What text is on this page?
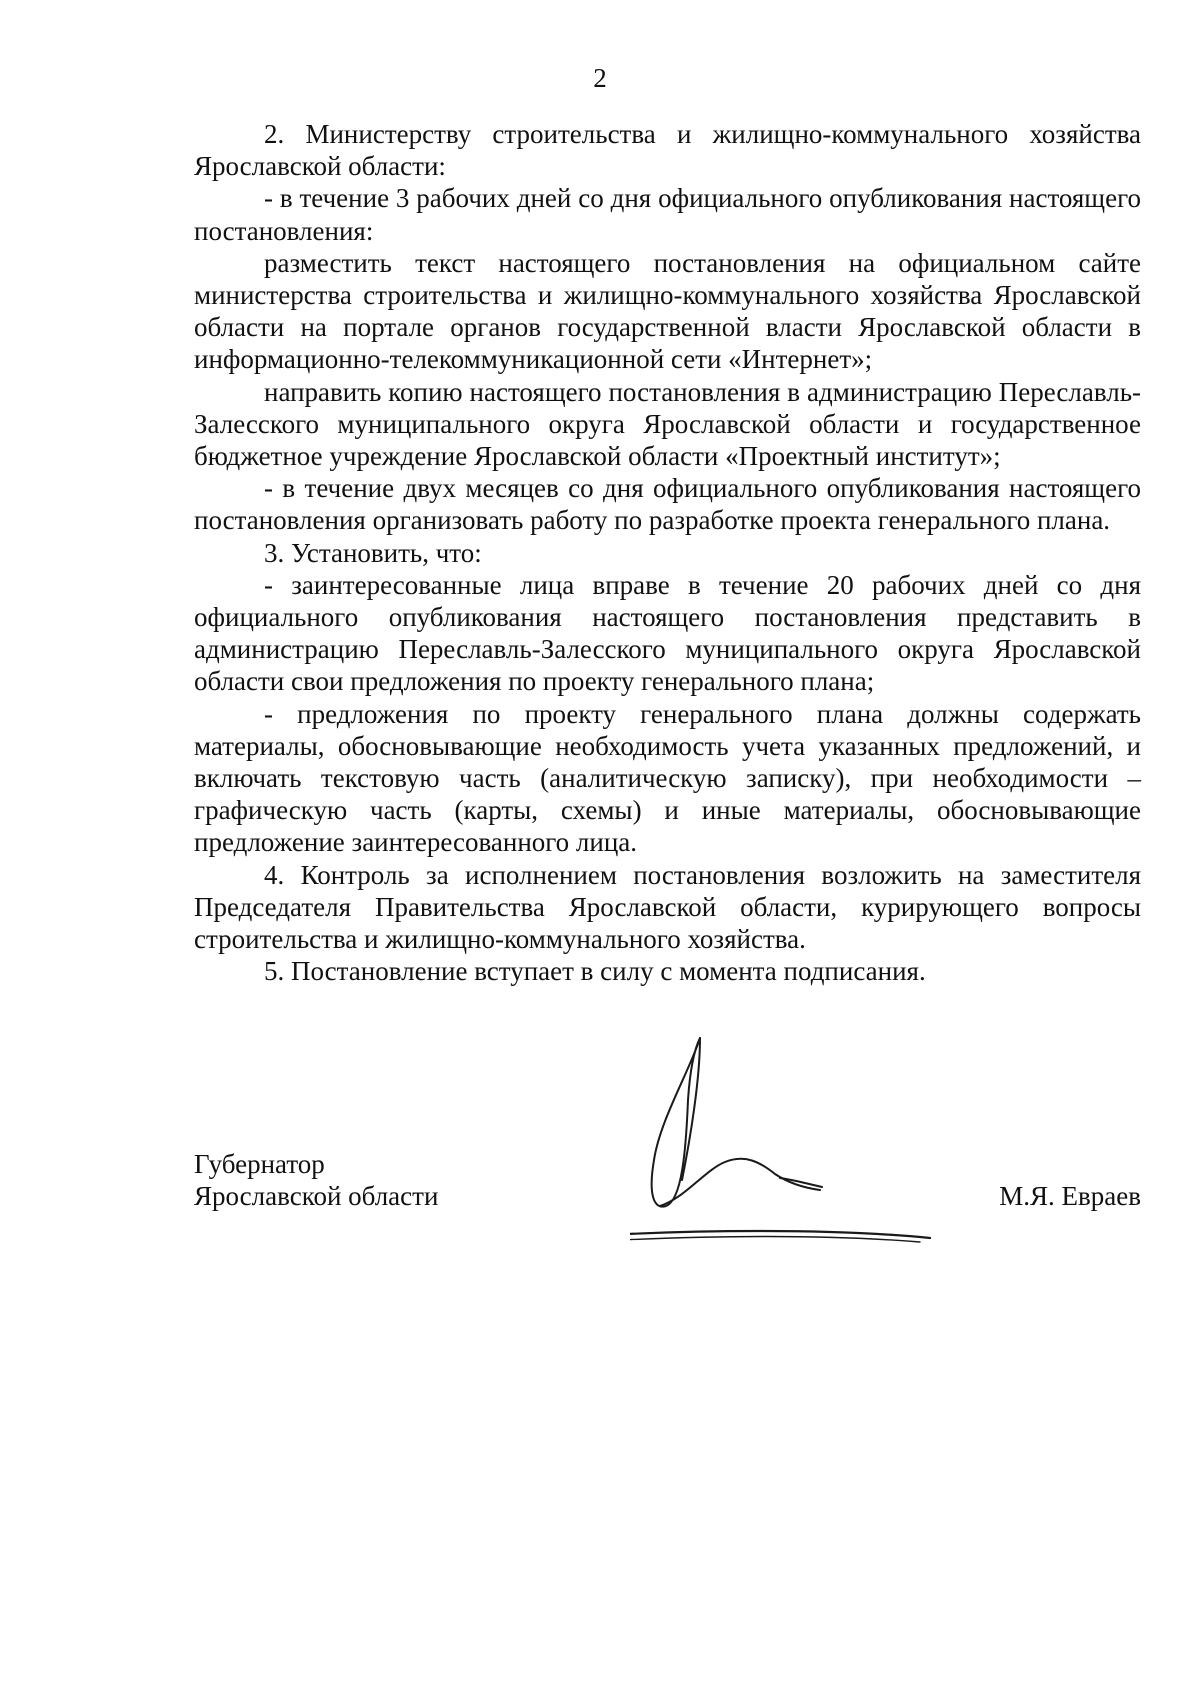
2

2. Министерству строительства и жилищно-коммунального хозяйства Ярославской области:

- в течение 3 рабочих дней со дня официального опубликования настоящего постановления:

разместить текст настоящего постановления на официальном сайте министерства строительства и жилищно-коммунального хозяйства Ярославской области на портале органов государственной власти Ярославской области в информационно-телекоммуникационной сети «Интернет»;

направить копию настоящего постановления в администрацию Переславль-Залесского муниципального округа Ярославской области и государственное бюджетное учреждение Ярославской области «Проектный институт»;

- в течение двух месяцев со дня официального опубликования настоящего постановления организовать работу по разработке проекта генерального плана.

3. Установить, что:

- заинтересованные лица вправе в течение 20 рабочих дней со дня официального опубликования настоящего постановления представить в администрацию Переславль-Залесского муниципального округа Ярославской области свои предложения по проекту генерального плана;

- предложения по проекту генерального плана должны содержать материалы, обосновывающие необходимость учета указанных предложений, и включать текстовую часть (аналитическую записку), при необходимости – графическую часть (карты, схемы) и иные материалы, обосновывающие предложение заинтересованного лица.

4. Контроль за исполнением постановления возложить на заместителя Председателя Правительства Ярославской области, курирующего вопросы строительства и жилищно-коммунального хозяйства.

5. Постановление вступает в силу с момента подписания.

Губернатор
Ярославской области	М.Я. Евраев
